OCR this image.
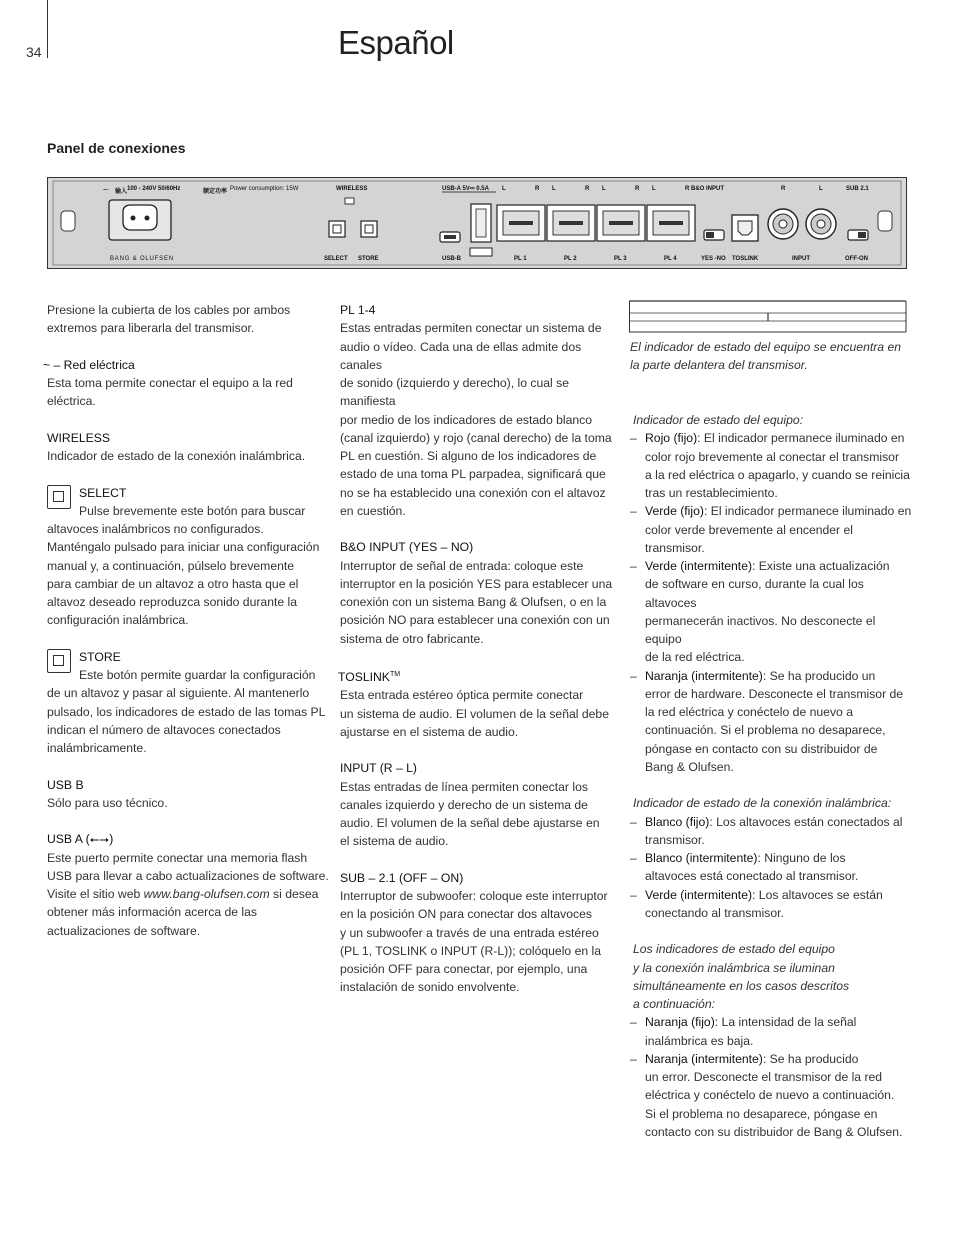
34	Español
Panel de conexiones
〜 输入 100 - 240V 50/60Hz	额定功率 Power consumption: 15W	WIRELESS	USB-A 5V⎓ 0.5A L	R L	R L	R L	R B&O INPUT	R	L	SUB 2.1
BANG & OLUFSEN	SELECT STORE	USB-B	PL 1	PL 2	PL 3	PL 4	YES -NO TOSLINK	INPUT	OFF-ON

Presione la cubierta de los cables por ambos

extremos para liberarla del transmisor.

~ – Red eléctrica

Esta toma permite conectar el equipo a la red

eléctrica.

WIRELESS

Indicador de estado de la conexión inalámbrica.

SELECT

Pulse brevemente este botón para buscar

altavoces inalámbricos no configurados.

Manténgalo pulsado para iniciar una configuración

manual y, a continuación, púlselo brevemente

para cambiar de un altavoz a otro hasta que el

altavoz deseado reproduzca sonido durante la

configuración inalámbrica.

STORE

Este botón permite guardar la configuración

de un altavoz y pasar al siguiente. Al mantenerlo

pulsado, los indicadores de estado de las tomas PL

indican el número de altavoces conectados

inalámbricamente.

USB B

Sólo para uso técnico.

USB A (⭠⭢)

Este puerto permite conectar una memoria flash

USB para llevar a cabo actualizaciones de software.

Visite el sitio web www.bang-olufsen.com si desea

obtener más información acerca de las

actualizaciones de software.

PL 1-4

Estas entradas permiten conectar un sistema de

audio o vídeo. Cada una de ellas admite dos canales

de sonido (izquierdo y derecho), lo cual se manifiesta

por medio de los indicadores de estado blanco

(canal izquierdo) y rojo (canal derecho) de la toma

PL en cuestión. Si alguno de los indicadores de

estado de una toma PL parpadea, significará que

no se ha establecido una conexión con el altavoz

en cuestión.

B&O INPUT (YES – NO)

Interruptor de señal de entrada: coloque este

interruptor en la posición YES para establecer una

conexión con un sistema Bang & Olufsen, o en la

posición NO para establecer una conexión con un

sistema de otro fabricante.

TOSLINK™

Esta entrada estéreo óptica permite conectar

un sistema de audio. El volumen de la señal debe

ajustarse en el sistema de audio.

INPUT (R – L)

Estas entradas de línea permiten conectar los

canales izquierdo y derecho de un sistema de

audio. El volumen de la señal debe ajustarse en

el sistema de audio.

SUB – 2.1 (OFF – ON)

Interruptor de subwoofer: coloque este interruptor

en la posición ON para conectar dos altavoces

y un subwoofer a través de una entrada estéreo

(PL 1, TOSLINK o INPUT (R-L)); colóquelo en la

posición OFF para conectar, por ejemplo, una

instalación de sonido envolvente.

El indicador de estado del equipo se encuentra en

la parte delantera del transmisor.

Indicador de estado del equipo:

– Rojo (fijo): El indicador permanece iluminado en

color rojo brevemente al conectar el transmisor

a la red eléctrica o apagarlo, y cuando se reinicia

tras un restablecimiento.

– Verde (fijo): El indicador permanece iluminado en

color verde brevemente al encender el transmisor.

– Verde (intermitente): Existe una actualización

de software en curso, durante la cual los altavoces

permanecerán inactivos. No desconecte el equipo

de la red eléctrica.

– Naranja (intermitente): Se ha producido un

error de hardware. Desconecte el transmisor de

la red eléctrica y conéctelo de nuevo a

continuación. Si el problema no desaparece,

póngase en contacto con su distribuidor de

Bang & Olufsen.

Indicador de estado de la conexión inalámbrica:

– Blanco (fijo): Los altavoces están conectados al

transmisor.

– Blanco (intermitente): Ninguno de los

altavoces está conectado al transmisor.

– Verde (intermitente): Los altavoces se están

conectando al transmisor.

Los indicadores de estado del equipo

y la conexión inalámbrica se iluminan

simultáneamente en los casos descritos

a continuación:

– Naranja (fijo): La intensidad de la señal

inalámbrica es baja.

– Naranja (intermitente): Se ha producido

un error. Desconecte el transmisor de la red

eléctrica y conéctelo de nuevo a continuación.

Si el problema no desaparece, póngase en

contacto con su distribuidor de Bang & Olufsen.
